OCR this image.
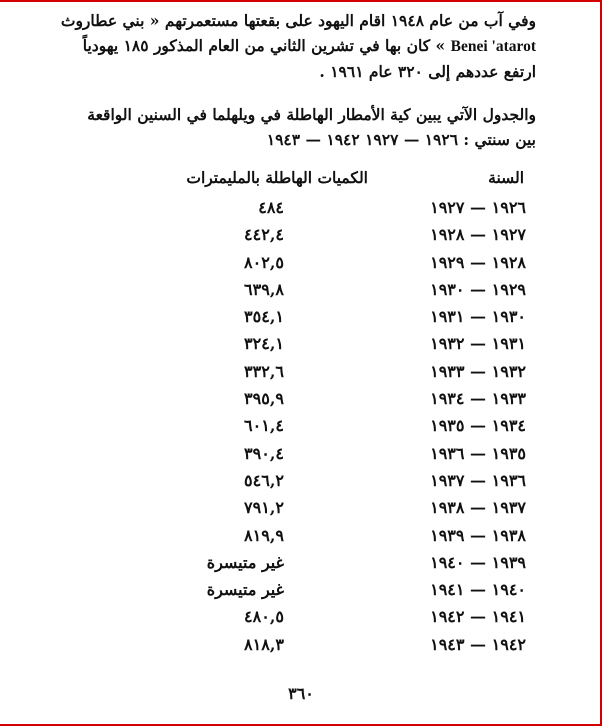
وفي آب من عام ١٩٤٨ اقام اليهود على بقعتها مستعمرتهم « بني عطاروث
Benei 'atarot » كان بها في تشرين الثاني من العام المذكور ١٨٥ يهودياً
ارتفع عددهم إلى ٣٢٠ عام ١٩٦١ .

والجدول الآتي يبين كية الأمطار الهاطلة في ويلهلما في السنين الواقعة
بين سنتي : ١٩٢٦ — ١٩٢٧ ١٩٤٢ — ١٩٤٣

السنة
الكميات الهاطلة بالمليمترات
١٩٢٦ — ١٩٢٧
٤٨٤
١٩٢٧ — ١٩٢٨
٤٤٢,٤
١٩٢٨ — ١٩٢٩
٨٠٢,٥
١٩٢٩ — ١٩٣٠
٦٣٩,٨
١٩٣٠ — ١٩٣١
٣٥٤,١
١٩٣١ — ١٩٣٢
٣٢٤,١
١٩٣٢ — ١٩٣٣
٣٣٢,٦
١٩٣٣ — ١٩٣٤
٣٩٥,٩
١٩٣٤ — ١٩٣٥
٦٠١,٤
١٩٣٥ — ١٩٣٦
٣٩٠,٤
١٩٣٦ — ١٩٣٧
٥٤٦,٢
١٩٣٧ — ١٩٣٨
٧٩١,٢
١٩٣٨ — ١٩٣٩
٨١٩,٩
١٩٣٩ — ١٩٤٠
غير متيسرة
١٩٤٠ — ١٩٤١
غير متيسرة
١٩٤١ — ١٩٤٢
٤٨٠,٥
١٩٤٢ — ١٩٤٣
٨١٨,٣
٣٦٠
